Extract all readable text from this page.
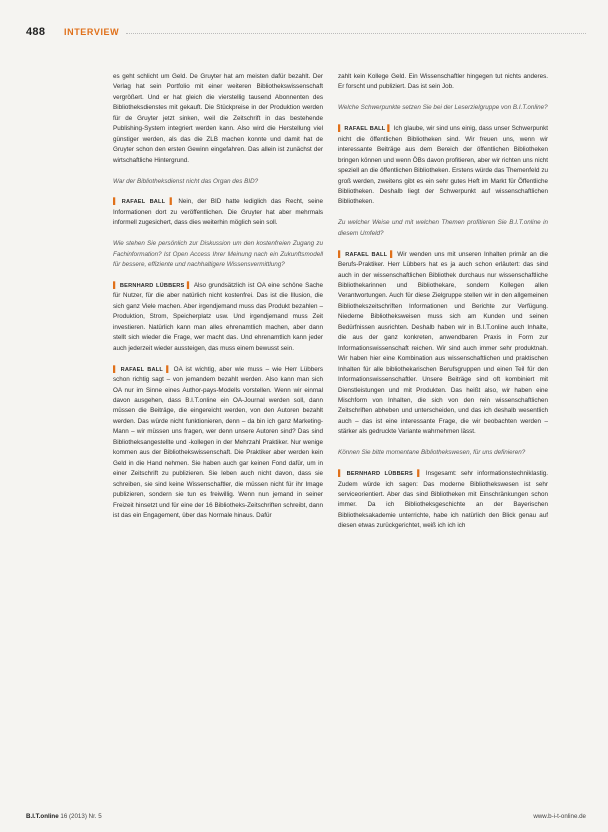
488 INTERVIEW

es geht schlicht um Geld. De Gruyter hat am meisten dafür bezahlt. Der Verlag hat sein Portfolio mit einer weiteren Bibliothekswissenschaft vergrößert. Und er hat gleich die vierstellig tausend Abonnenten des Bibliotheksdienstes mit gekauft. Die Stückpreise in der Produktion werden für de Gruyter jetzt sinken, weil die Zeitschrift in das bestehende Publishing-System integriert werden kann. Also wird die Herstellung viel günstiger werden, als das die ZLB machen konnte und damit hat de Gruyter schon den ersten Gewinn eingefahren. Das allein ist zunächst der wirtschaftliche Hintergrund.

War der Bibliotheksdienst nicht das Organ des BID?

▌ RAFAEL BALL ▌ Nein, der BID hatte lediglich das Recht, seine Informationen dort zu veröffentlichen. Die Gruyter hat aber mehrmals informell zugesichert, dass dies weiterhin möglich sein soll.

Wie stehen Sie persönlich zur Diskussion um den kostenfreien Zugang zu Fachinformation? Ist Open Access Ihrer Meinung nach ein Zukunftsmodell für bessere, effiziente und nachhaltigere Wissensvermittlung?

▌ BERNHARD LÜBBERS ▌ Also grundsätzlich ist OA eine schöne Sache für Nutzer, für die aber natürlich nicht kostenfrei. Das ist die Illusion, die sich ganz Viele machen. Aber irgendjemand muss das Produkt bezahlen – Produktion, Strom, Speicherplatz usw. Und irgendjemand muss Zeit investieren. Natürlich kann man alles ehrenamtlich machen, aber dann stellt sich wieder die Frage, wer macht das. Und ehrenamtlich kann jeder auch jederzeit wieder aussteigen, das muss einem bewusst sein.

▌ RAFAEL BALL ▌ OA ist wichtig, aber wie muss – wie Herr Lübbers schon richtig sagt – von jemandem bezahlt werden. Also kann man sich OA nur im Sinne eines Author-pays-Modells vorstellen. Wenn wir einmal davon ausgehen, dass B.I.T.online ein OA-Journal werden soll, dann müssen die Beiträge, die eingereicht werden, von den Autoren bezahlt werden. Das würde nicht funktionieren, denn – da bin ich ganz Marketing-Mann – wir müssen uns fragen, wer denn unsere Autoren sind? Das sind Bibliotheksangestellte und -kollegen in der Mehrzahl Praktiker. Nur wenige kommen aus der Bibliothekswissenschaft. Die Praktiker aber werden kein Geld in die Hand nehmen. Sie haben auch gar keinen Fond dafür, um in einer Zeitschrift zu publizieren. Sie leben auch nicht davon, dass sie schreiben, sie sind keine Wissenschaftler, die müssen nicht für ihr Image publizieren, sondern sie tun es freiwillig. Wenn nun jemand in seiner Freizeit hinsetzt und für eine der 16 Bibliotheks-Zeitschriften schreibt, dann ist das ein Engagement, über das Normale hinaus. Dafür

zahlt kein Kollege Geld. Ein Wissenschaftler hingegen tut nichts anderes. Er forscht und publiziert. Das ist sein Job.

Welche Schwerpunkte setzen Sie bei der Leserzielgruppe von B.I.T.online?

▌ RAFAEL BALL ▌ Ich glaube, wir sind uns einig, dass unser Schwerpunkt nicht die öffentlichen Bibliotheken sind. Wir freuen uns, wenn wir interessante Beiträge aus dem Bereich der öffentlichen Bibliotheken bringen können und wenn ÖBs davon profitieren, aber wir richten uns nicht speziell an die öffentlichen Bibliotheken. Erstens würde das Themenfeld zu groß werden, zweitens gibt es ein sehr gutes Heft im Markt für Öffentliche Bibliotheken. Deshalb liegt der Schwerpunkt auf wissenschaftlichen Bibliotheken.

Zu welcher Weise und mit welchen Themen profitieren Sie B.I.T.online in diesem Umfeld?

▌ RAFAEL BALL ▌ Wir wenden uns mit unseren Inhalten primär an die Berufs-Praktiker. Herr Lübbers hat es ja auch schon erläutert: das sind auch in der wissenschaftlichen Bibliothek durchaus nur wissenschaftliche Bibliothekarinnen und Bibliothekare, sondern Kollegen allen Verantwortungen. Auch für diese Zielgruppe stellen wir in den allgemeinen Bibliothekszeitschriften Informationen und Berichte zur Verfügung. Niederne Bibliotheksweisen muss sich am Kunden und seinen Bedürfnissen ausrichten. Deshalb haben wir in B.I.T.online auch Inhalte, die aus der ganz konkreten, anwendbaren Praxis in Form zur Informationswissenschaft reichen. Wir sind auch immer sehr produktnah. Wir haben hier eine Kombination aus wissenschaftlichen und praktischen Inhalten für alle bibliothekarischen Berufsgruppen und einen Teil für den Informationswissenschaftler. Unsere Beiträge sind oft kombiniert mit Dienstleistungen und mit Produkten. Das heißt also, wir haben eine Mischform von Inhalten, die sich von den rein wissenschaftlichen Zeitschriften abheben und unterscheiden, und das ich deshalb wesentlich auch – das ist eine interessante Frage, die wir beobachten werden – stärker als gedruckte Variante wahrnehmen lässt.

Können Sie bitte momentane Bibliothekswesen, für uns definieren?

▌ BERNHARD LÜBBERS ▌ Insgesamt: sehr informationstechniklastig. Zudem würde ich sagen: Das moderne Bibliothekswesen ist sehr serviceorientiert. Aber das sind Bibliotheken mit Einschränkungen schon immer. Da ich Bibliotheksgeschichte an der Bayerischen Bibliotheksakademie unterrichte, habe ich natürlich den Blick genau auf diesen etwas zurückgerichtet, weiß ich ich ich

B.I.T.online 16 (2013) Nr. 5	www.b-i-t-online.de
